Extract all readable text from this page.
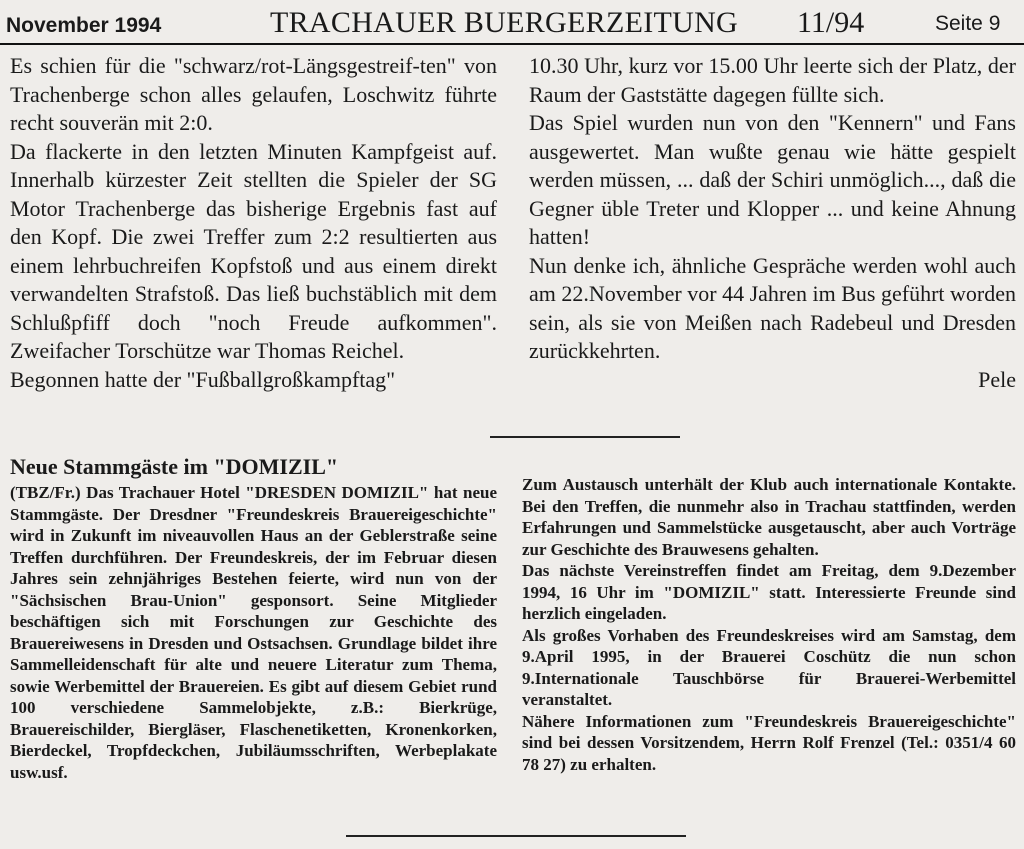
November 1994	TRACHAUER BUERGERZEITUNG 11/94	Seite 9

Es schien für die "schwarz/rot-Längsgestreif-ten" von Trachenberge schon alles gelaufen, Loschwitz führte recht souverän mit 2:0.

Da flackerte in den letzten Minuten Kampfgeist auf. Innerhalb kürzester Zeit stellten die Spieler der SG Motor Trachenberge das bisherige Ergebnis fast auf den Kopf. Die zwei Treffer zum 2:2 resultierten aus einem lehrbuchreifen Kopfstoß und aus einem direkt verwandelten Strafstoß. Das ließ buchstäblich mit dem Schlußpfiff doch "noch Freude aufkommen". Zweifacher Torschütze war Thomas Reichel.

Begonnen hatte der "Fußballgroßkampftag"

10.30 Uhr, kurz vor 15.00 Uhr leerte sich der Platz, der Raum der Gaststätte dagegen füllte sich.

Das Spiel wurden nun von den "Kennern" und Fans ausgewertet. Man wußte genau wie hätte gespielt werden müssen, ... daß der Schiri unmöglich..., daß die Gegner üble Treter und Klopper ... und keine Ahnung hatten!

Nun denke ich, ähnliche Gespräche werden wohl auch am 22.November vor 44 Jahren im Bus geführt worden sein, als sie von Meißen nach Radebeul und Dresden zurückkehrten.

Pele

Neue Stammgäste im "DOMIZIL"

(TBZ/Fr.) Das Trachauer Hotel "DRESDEN DOMIZIL" hat neue Stammgäste. Der Dresdner "Freundeskreis Brauereigeschichte" wird in Zukunft im niveauvollen Haus an der Geblerstraße seine Treffen durchführen. Der Freundeskreis, der im Februar diesen Jahres sein zehnjähriges Bestehen feierte, wird nun von der "Sächsischen Brau-Union" gesponsort. Seine Mitglieder beschäftigen sich mit Forschungen zur Geschichte des Brauereiwesens in Dresden und Ostsachsen. Grundlage bildet ihre Sammelleidenschaft für alte und neuere Literatur zum Thema, sowie Werbemittel der Brauereien. Es gibt auf diesem Gebiet rund 100 verschiedene Sammelobjekte, z.B.: Bierkrüge, Brauereischilder, Biergläser, Flaschenetiketten, Kronenkorken, Bierdeckel, Tropfdeckchen, Jubiläumsschriften, Werbeplakate usw.usf.

Zum Austausch unterhält der Klub auch internationale Kontakte. Bei den Treffen, die nunmehr also in Trachau stattfinden, werden Erfahrungen und Sammelstücke ausgetauscht, aber auch Vorträge zur Geschichte des Brauwesens gehalten.

Das nächste Vereinstreffen findet am Freitag, dem 9.Dezember 1994, 16 Uhr im "DOMIZIL" statt. Interessierte Freunde sind herzlich eingeladen.

Als großes Vorhaben des Freundeskreises wird am Samstag, dem 9.April 1995, in der Brauerei Coschütz die nun schon 9.Internationale Tauschbörse für Brauerei-Werbemittel veranstaltet.

Nähere Informationen zum "Freundeskreis Brauereigeschichte" sind bei dessen Vorsitzendem, Herrn Rolf Frenzel (Tel.: 0351/4 60 78 27) zu erhalten.
